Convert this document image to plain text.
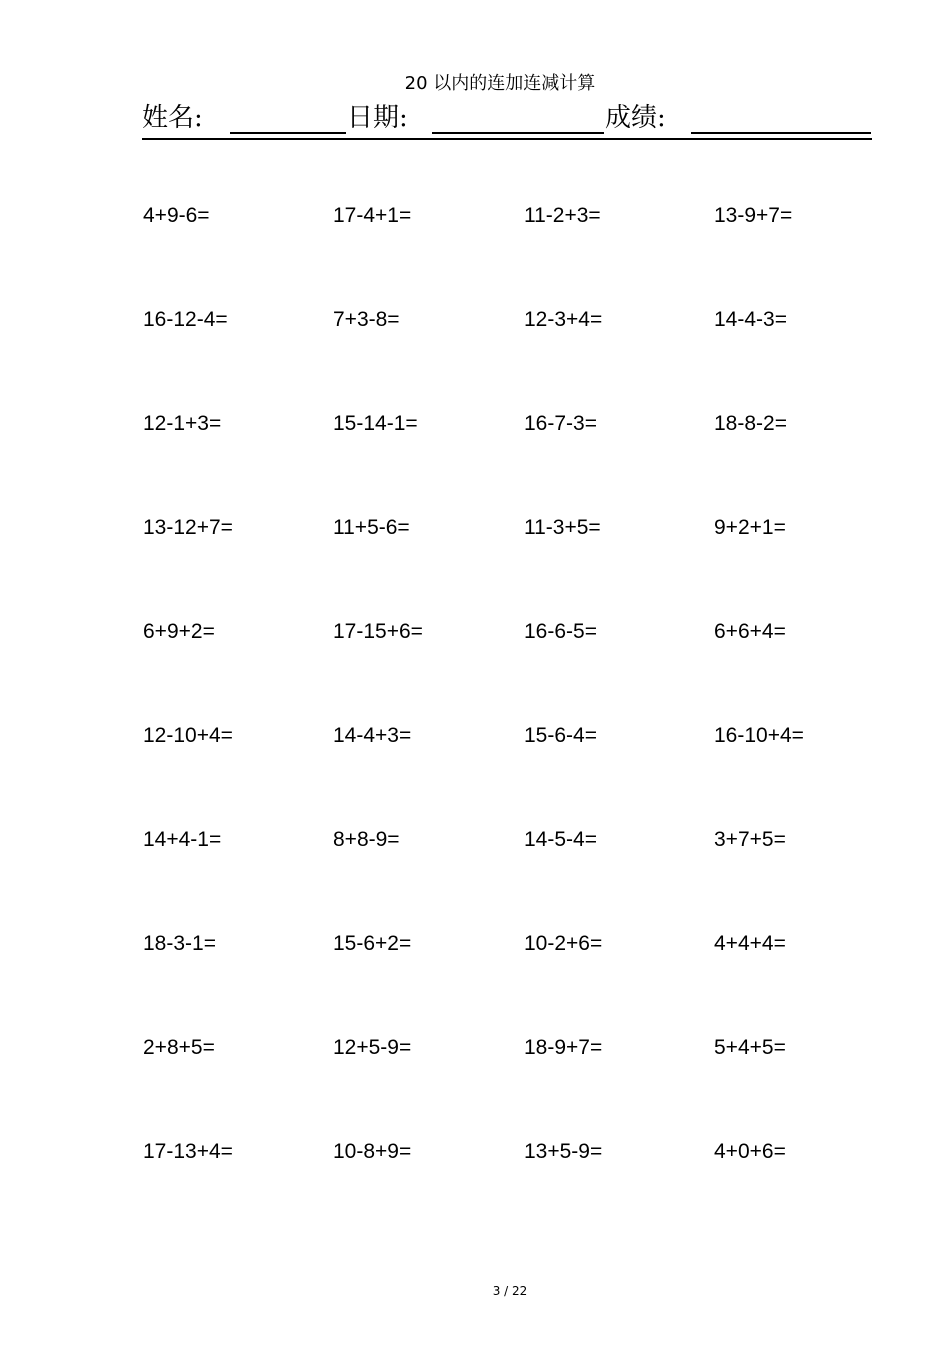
20 以内的连加连减计算
姓名:	日期:	成绩:
4+9-6=	17-4+1=	11-2+3=	13-9+7=
16-12-4=	7+3-8=	12-3+4=	14-4-3=
12-1+3=	15-14-1=	16-7-3=	18-8-2=
13-12+7=	11+5-6=	11-3+5=	9+2+1=
6+9+2=	17-15+6=	16-6-5=	6+6+4=
12-10+4=	14-4+3=	15-6-4=	16-10+4=
14+4-1=	8+8-9=	14-5-4=	3+7+5=
18-3-1=	15-6+2=	10-2+6=	4+4+4=
2+8+5=	12+5-9=	18-9+7=	5+4+5=
17-13+4=	10-8+9=	13+5-9=	4+0+6=
3 / 22
